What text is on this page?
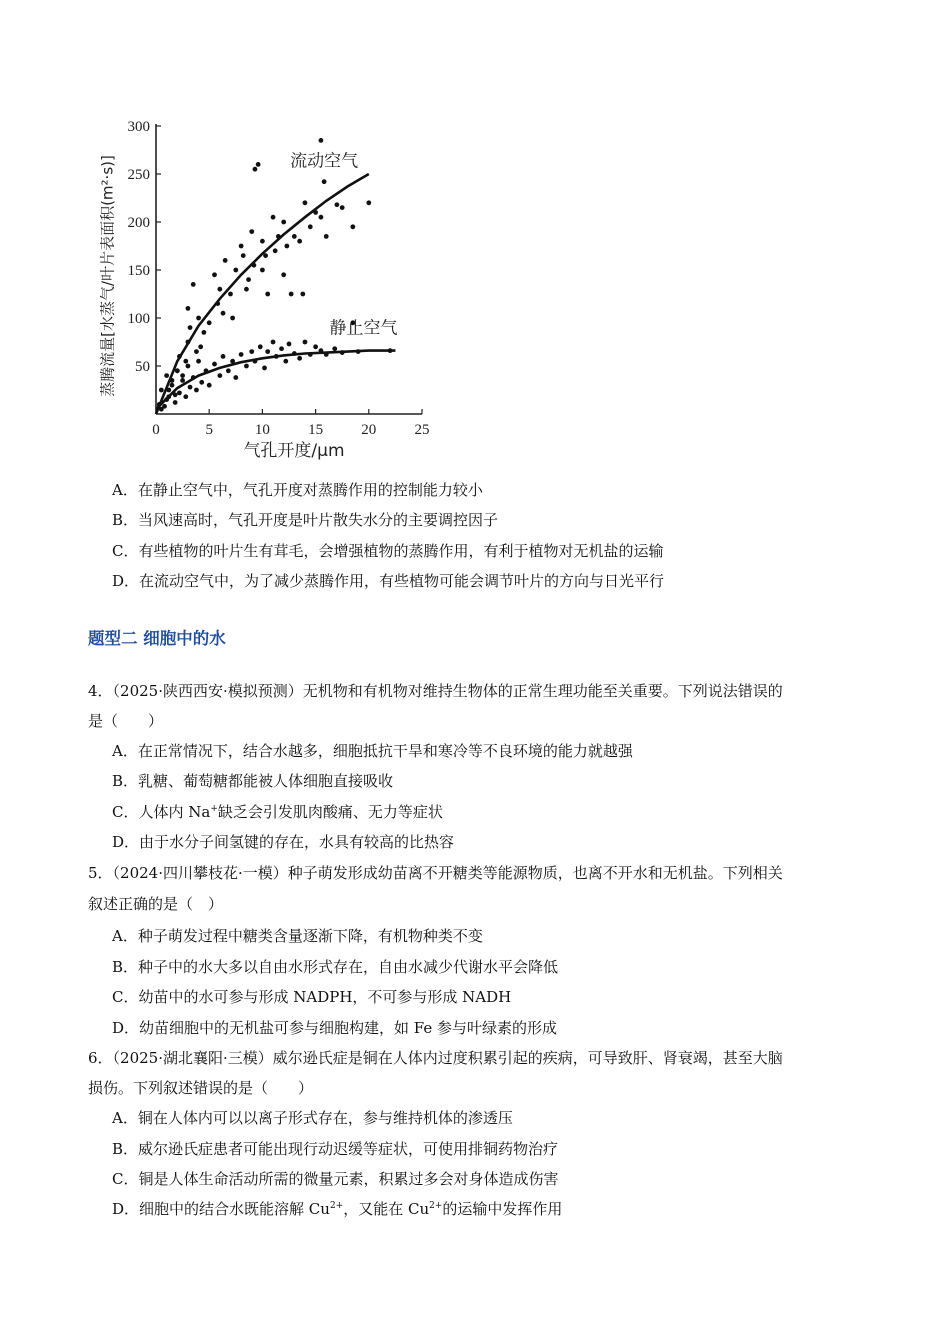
0	5	10	15	20	25
50
100
150
200
250
300
流动空气
静止空气
蒸腾流量[水蒸气/叶片表面积(m²·s)]
气孔开度/μm
A．在静止空气中，气孔开度对蒸腾作用的控制能力较小
B．当风速高时，气孔开度是叶片散失水分的主要调控因子
C．有些植物的叶片生有茸毛，会增强植物的蒸腾作用，有利于植物对无机盐的运输
D．在流动空气中，为了减少蒸腾作用，有些植物可能会调节叶片的方向与日光平行
题型二 细胞中的水
4．（2025·陕西西安·模拟预测）无机物和有机物对维持生物体的正常生理功能至关重要。下列说法错误的
是（　　）
A．在正常情况下，结合水越多，细胞抵抗干旱和寒冷等不良环境的能力就越强
B．乳糖、葡萄糖都能被人体细胞直接吸收
C．人体内 Na+缺乏会引发肌肉酸痛、无力等症状
D．由于水分子间氢键的存在，水具有较高的比热容
5．（2024·四川攀枝花·一模）种子萌发形成幼苗离不开糖类等能源物质，也离不开水和无机盐。下列相关
叙述正确的是（　）
A．种子萌发过程中糖类含量逐渐下降，有机物种类不变
B．种子中的水大多以自由水形式存在，自由水减少代谢水平会降低
C．幼苗中的水可参与形成 NADPH，不可参与形成 NADH
D．幼苗细胞中的无机盐可参与细胞构建，如 Fe 参与叶绿素的形成
6．（2025·湖北襄阳·三模）威尔逊氏症是铜在人体内过度积累引起的疾病，可导致肝、肾衰竭，甚至大脑
损伤。下列叙述错误的是（　　）
A．铜在人体内可以以离子形式存在，参与维持机体的渗透压
B．威尔逊氏症患者可能出现行动迟缓等症状，可使用排铜药物治疗
C．铜是人体生命活动所需的微量元素，积累过多会对身体造成伤害
D．细胞中的结合水既能溶解 $Cu^{2+}$，又能在 $Cu^{2+}$的运输中发挥作用
